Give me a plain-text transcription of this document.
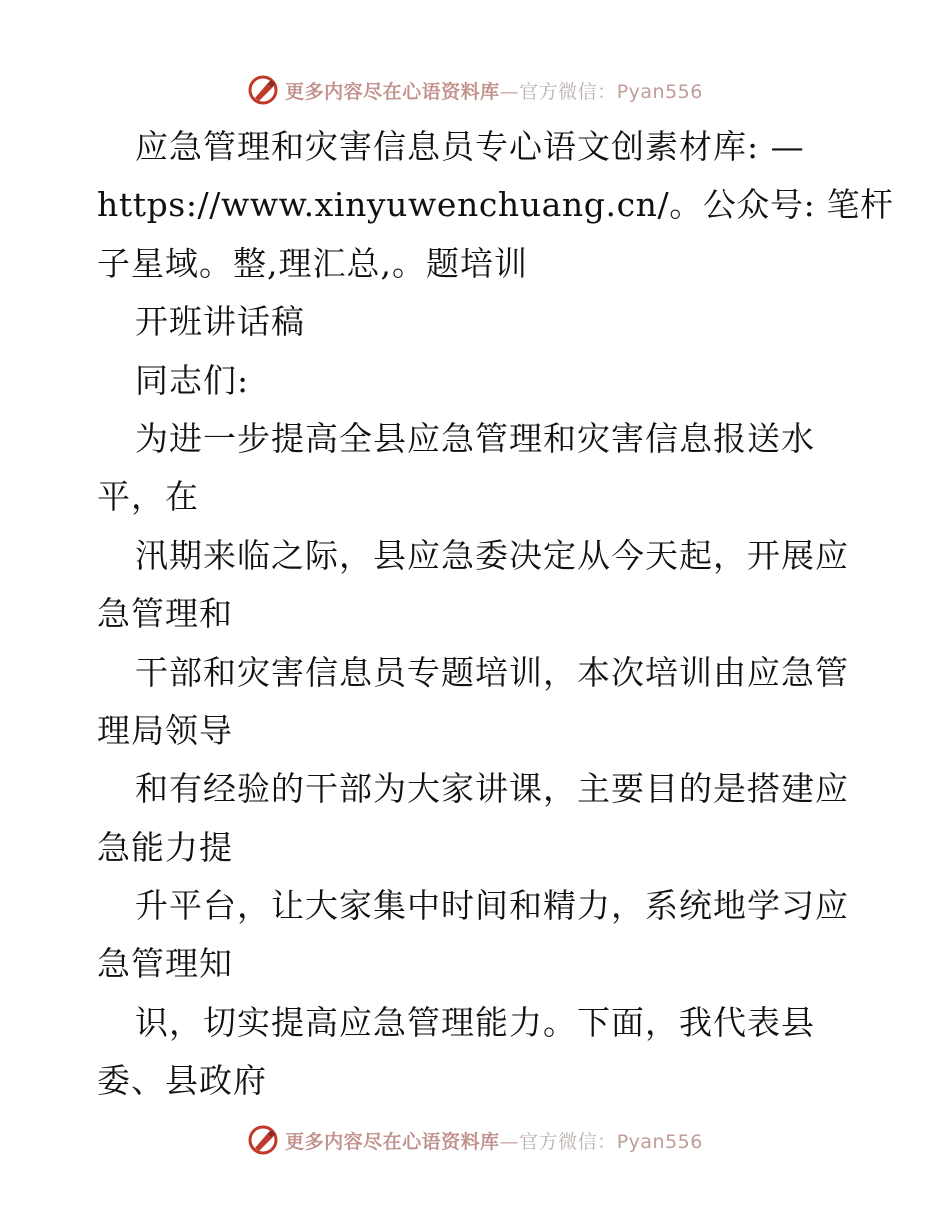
更多内容尽在心语资料库—官方微信：Pyan556
应急管理和灾害信息员专心语文创素材库: —
https://www.xinyuwenchuang.cn/。公众号: 笔杆
子星域。整,理汇总,。题培训
开班讲话稿
同志们:
为进一步提高全县应急管理和灾害信息报送水
平，在
汛期来临之际，县应急委决定从今天起，开展应
急管理和
干部和灾害信息员专题培训，本次培训由应急管
理局领导
和有经验的干部为大家讲课，主要目的是搭建应
急能力提
升平台，让大家集中时间和精力，系统地学习应
急管理知
识，切实提高应急管理能力。下面，我代表县
委、县政府
更多内容尽在心语资料库—官方微信：Pyan556
